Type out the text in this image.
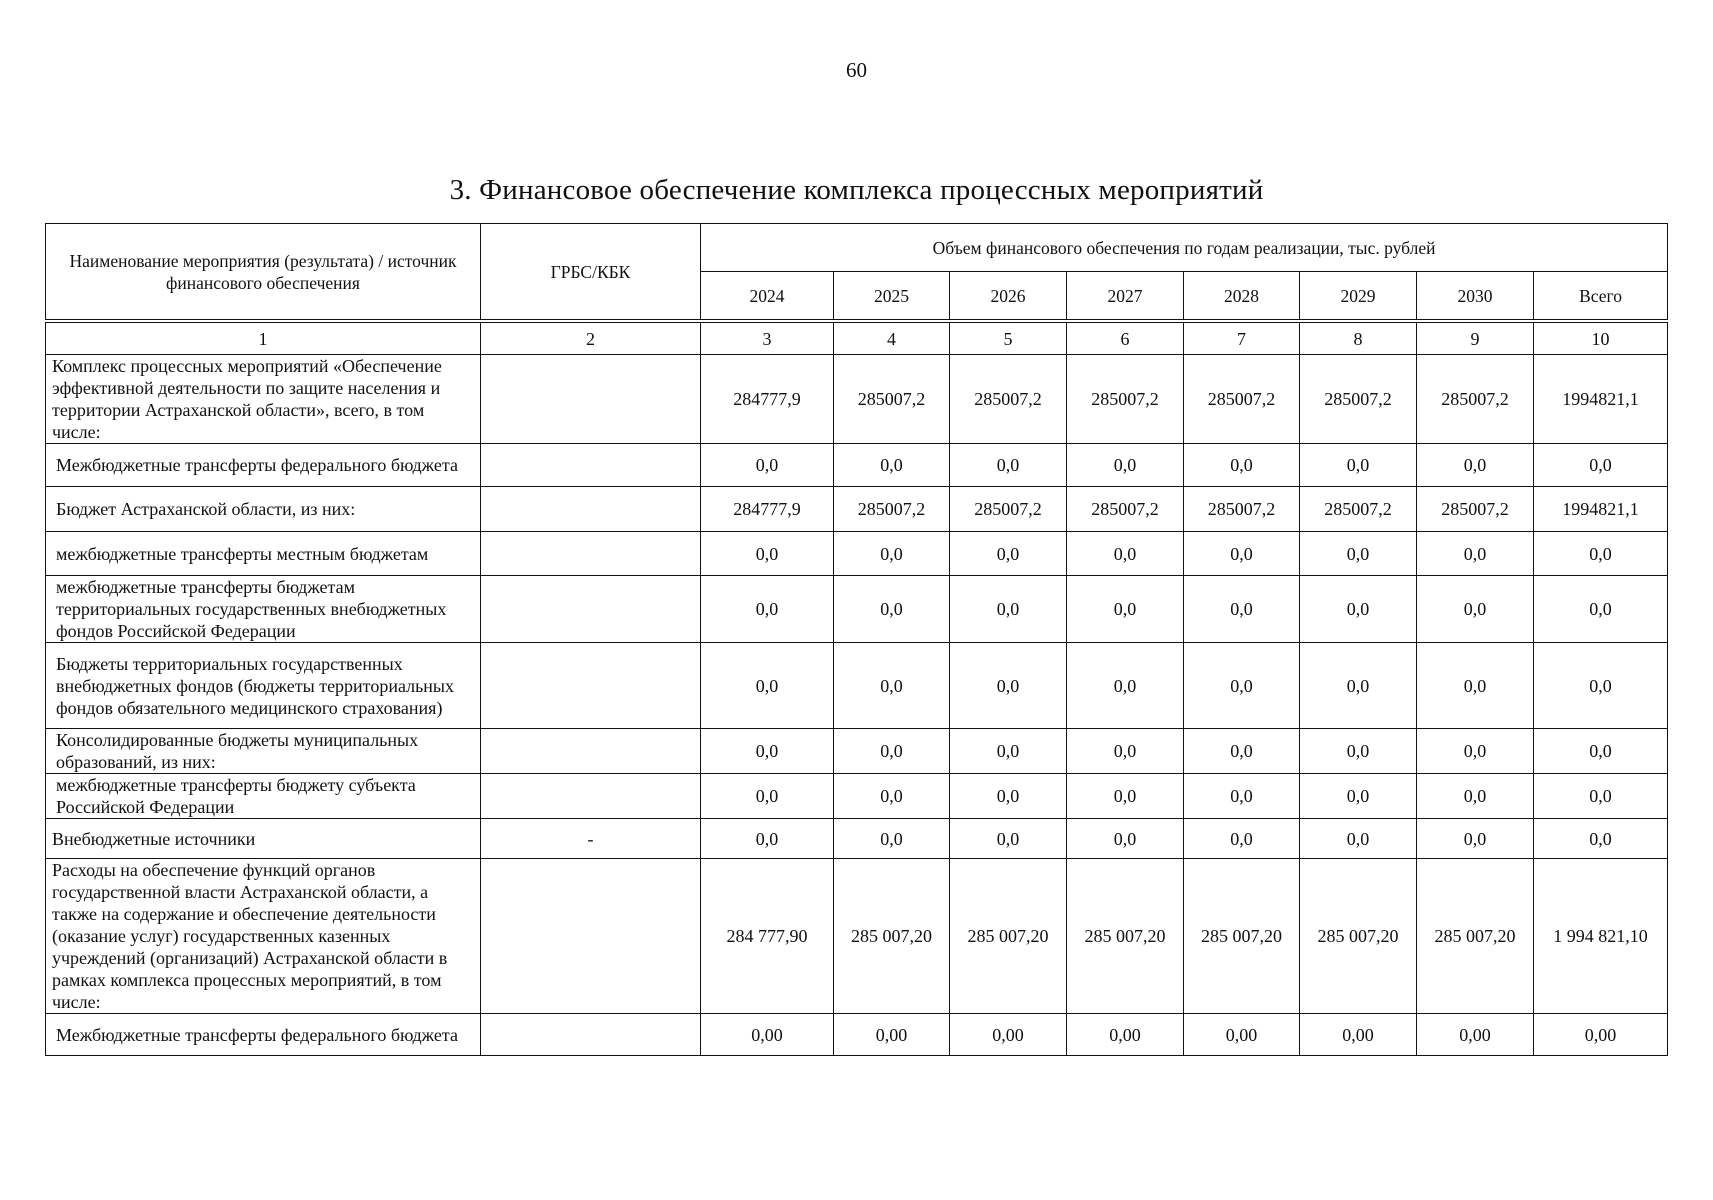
60
3. Финансовое обеспечение комплекса процессных мероприятий
Наименование мероприятия (результата) / источник финансового обеспечения	ГРБС/КБК	Объем финансового обеспечения по годам реализации, тыс. рублей							
		2024	2025	2026	2027	2028	2029	2030	Всего

1	2	3	4	5	6	7	8	9	10
Комплекс процессных мероприятий «Обеспечение эффективной деятельности по защите населения и территории Астраханской области», всего, в том числе:		284777,9	285007,2	285007,2	285007,2	285007,2	285007,2	285007,2	1994821,1
Межбюджетные трансферты федерального бюджета		0,0	0,0	0,0	0,0	0,0	0,0	0,0	0,0
Бюджет Астраханской области, из них:		284777,9	285007,2	285007,2	285007,2	285007,2	285007,2	285007,2	1994821,1
межбюджетные трансферты местным бюджетам		0,0	0,0	0,0	0,0	0,0	0,0	0,0	0,0
межбюджетные трансферты бюджетам территориальных государственных внебюджетных фондов Российской Федерации		0,0	0,0	0,0	0,0	0,0	0,0	0,0	0,0
Бюджеты территориальных государственных внебюджетных фондов (бюджеты территориальных фондов обязательного медицинского страхования)		0,0	0,0	0,0	0,0	0,0	0,0	0,0	0,0
Консолидированные бюджеты муниципальных образований, из них:		0,0	0,0	0,0	0,0	0,0	0,0	0,0	0,0
межбюджетные трансферты бюджету субъекта Российской Федерации		0,0	0,0	0,0	0,0	0,0	0,0	0,0	0,0
Внебюджетные источники	-	0,0	0,0	0,0	0,0	0,0	0,0	0,0	0,0
Расходы на обеспечение функций органов государственной власти Астраханской области, а также на содержание и обеспечение деятельности (оказание услуг) государственных казенных учреждений (организаций) Астраханской области в рамках комплекса процессных мероприятий, в том числе:		284 777,90	285 007,20	285 007,20	285 007,20	285 007,20	285 007,20	285 007,20	1 994 821,10
Межбюджетные трансферты федерального бюджета		0,00	0,00	0,00	0,00	0,00	0,00	0,00	0,00
